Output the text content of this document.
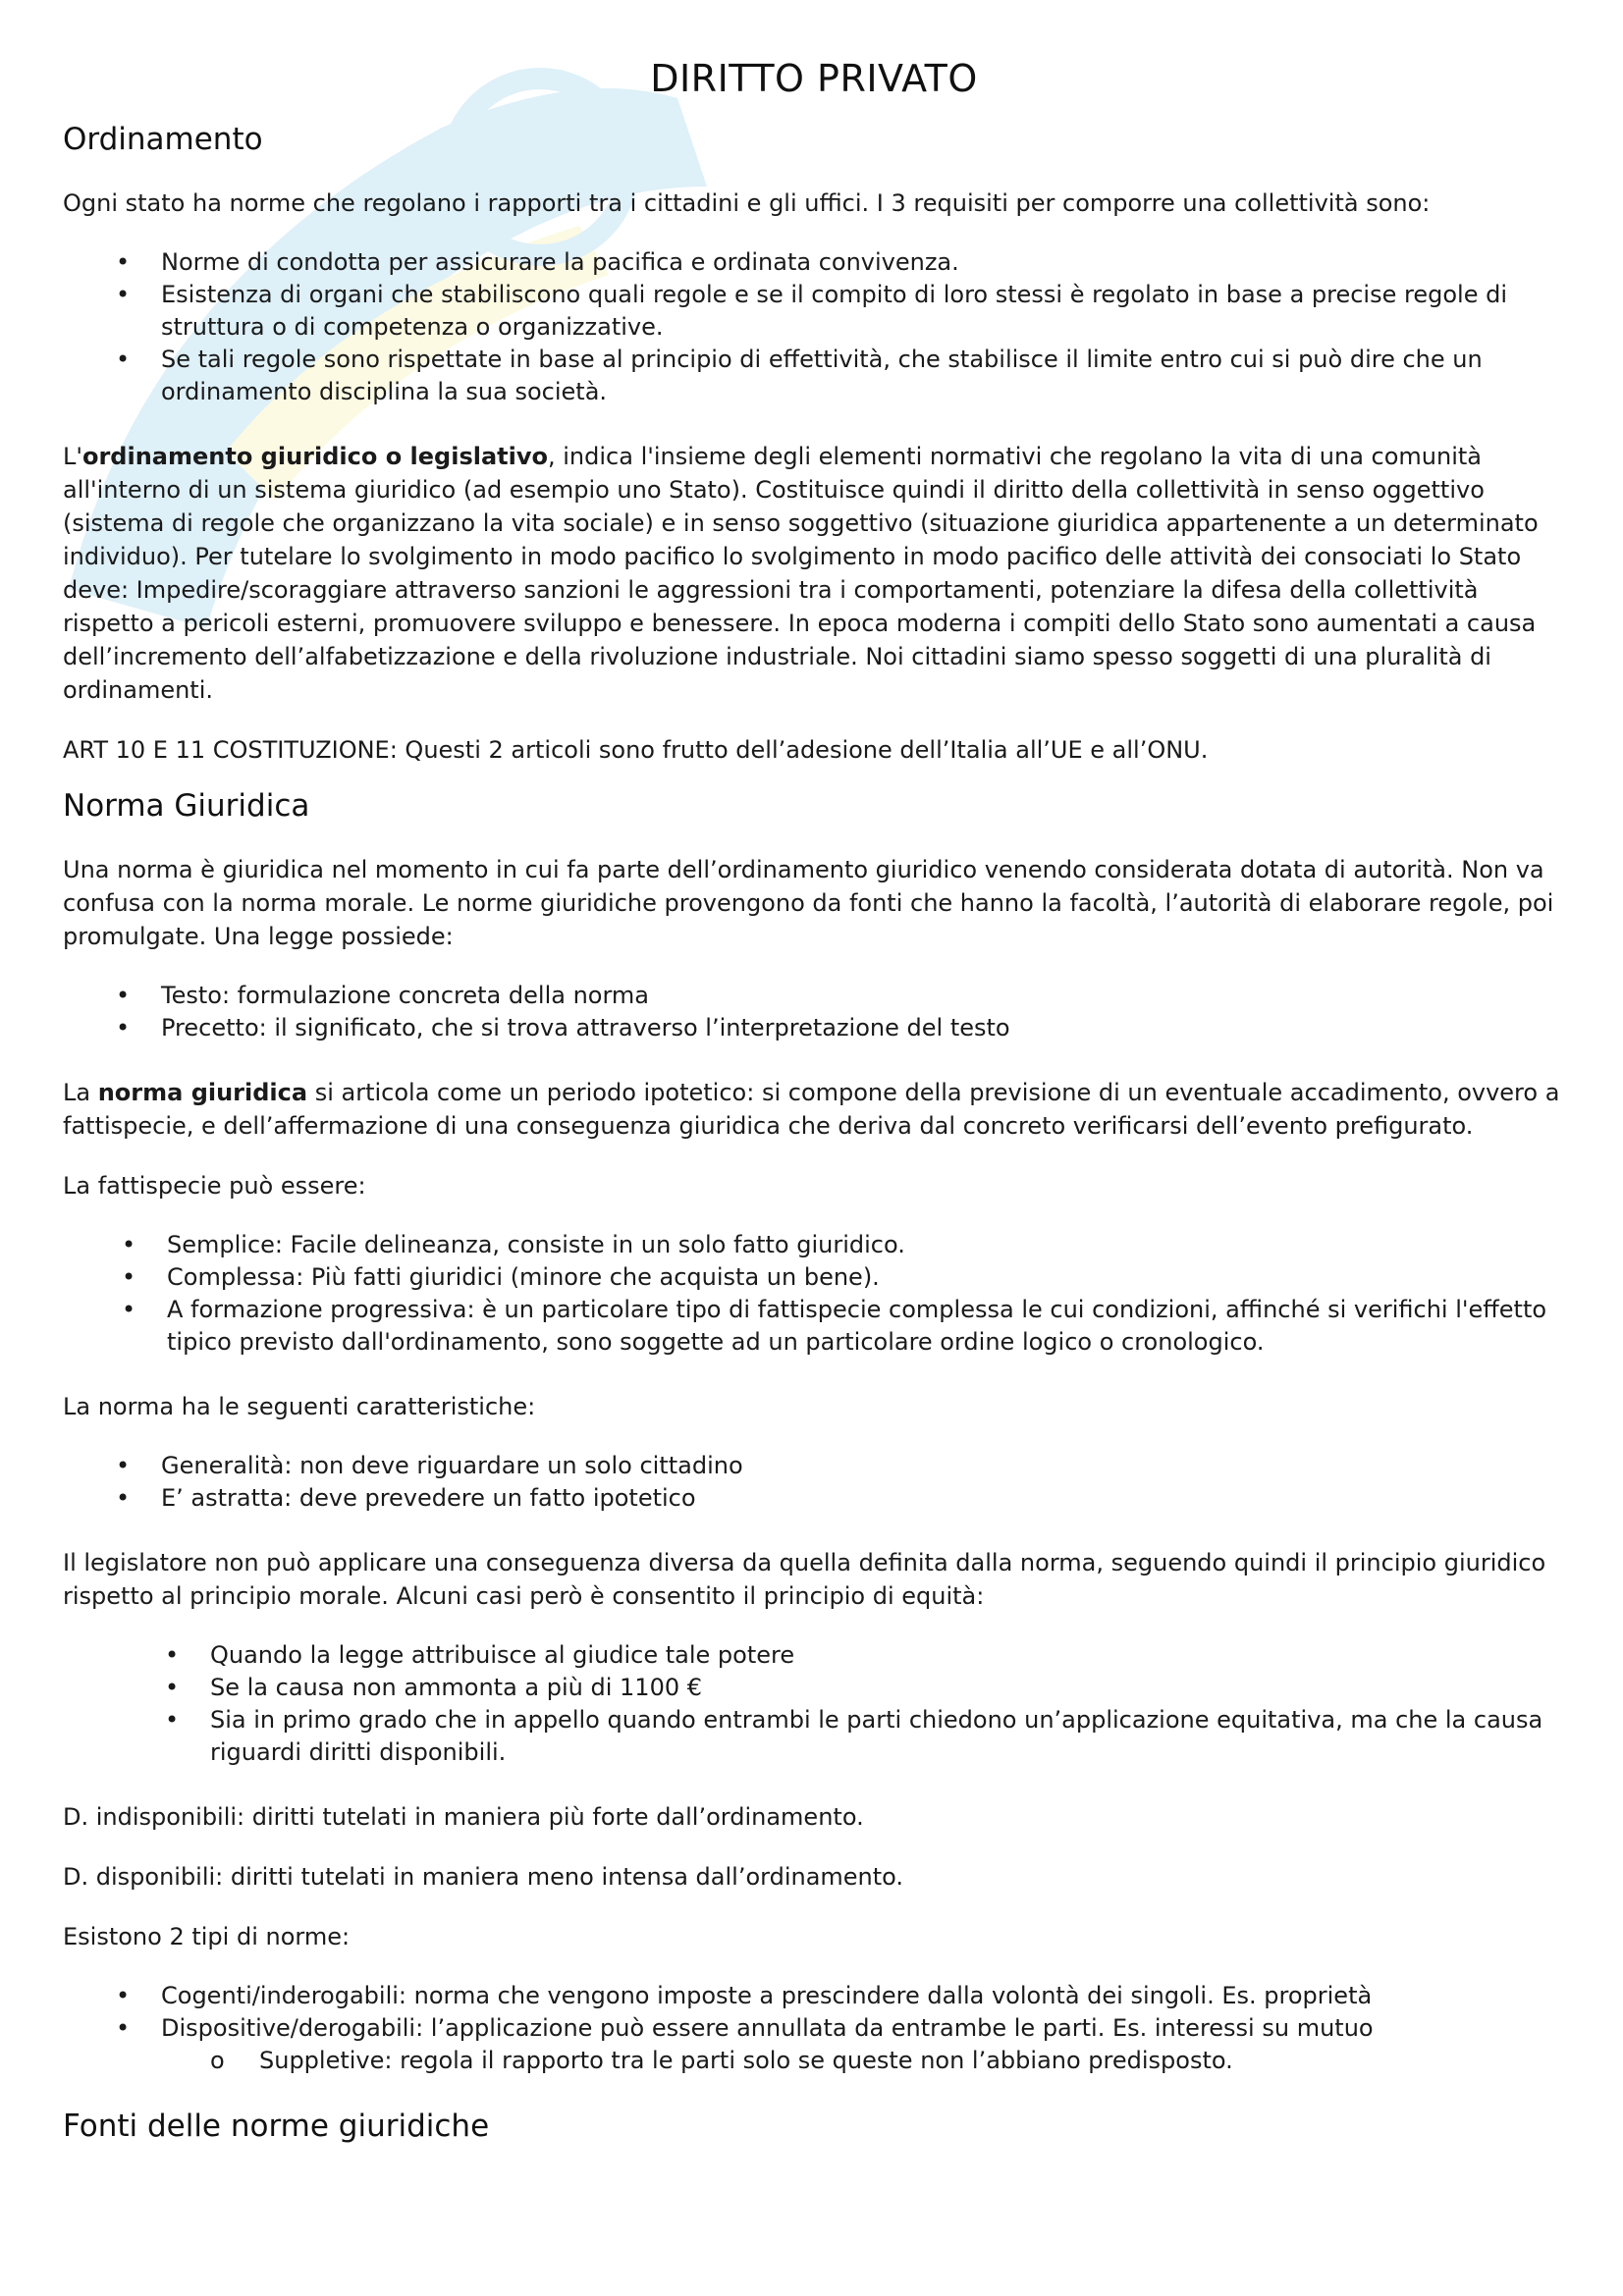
DIRITTO PRIVATO
Ordinamento

Ogni stato ha norme che regolano i rapporti tra i cittadini e gli uffici. I 3 requisiti per comporre una collettività sono:

• Norme di condotta per assicurare la pacifica e ordinata convivenza.
• Esistenza di organi che stabiliscono quali regole e se il compito di loro stessi è regolato in base a precise regole di struttura o di competenza o organizzative.
• Se tali regole sono rispettate in base al principio di effettività, che stabilisce il limite entro cui si può dire che un ordinamento disciplina la sua società.

L'ordinamento giuridico o legislativo, indica l'insieme degli elementi normativi che regolano la vita di una comunità all'interno di un sistema giuridico (ad esempio uno Stato). Costituisce quindi il diritto della collettività in senso oggettivo (sistema di regole che organizzano la vita sociale) e in senso soggettivo (situazione giuridica appartenente a un determinato individuo). Per tutelare lo svolgimento in modo pacifico lo svolgimento in modo pacifico delle attività dei consociati lo Stato deve: Impedire/scoraggiare attraverso sanzioni le aggressioni tra i comportamenti, potenziare la difesa della collettività rispetto a pericoli esterni, promuovere sviluppo e benessere. In epoca moderna i compiti dello Stato sono aumentati a causa dell’incremento dell’alfabetizzazione e della rivoluzione industriale. Noi cittadini siamo spesso soggetti di una pluralità di ordinamenti.

ART 10 E 11 COSTITUZIONE: Questi 2 articoli sono frutto dell’adesione dell’Italia all’UE e all’ONU.

Norma Giuridica

Una norma è giuridica nel momento in cui fa parte dell’ordinamento giuridico venendo considerata dotata di autorità. Non va confusa con la norma morale. Le norme giuridiche provengono da fonti che hanno la facoltà, l’autorità di elaborare regole, poi promulgate. Una legge possiede:

• Testo: formulazione concreta della norma
• Precetto: il significato, che si trova attraverso l’interpretazione del testo

La norma giuridica si articola come un periodo ipotetico: si compone della previsione di un eventuale accadimento, ovvero a fattispecie, e dell’affermazione di una conseguenza giuridica che deriva dal concreto verificarsi dell’evento prefigurato.

La fattispecie può essere:

• Semplice: Facile delineanza, consiste in un solo fatto giuridico.
• Complessa: Più fatti giuridici (minore che acquista un bene).
• A formazione progressiva: è un particolare tipo di fattispecie complessa le cui condizioni, affinché si verifichi l'effetto tipico previsto dall'ordinamento, sono soggette ad un particolare ordine logico o cronologico.

La norma ha le seguenti caratteristiche:

• Generalità: non deve riguardare un solo cittadino
• E’ astratta: deve prevedere un fatto ipotetico

Il legislatore non può applicare una conseguenza diversa da quella definita dalla norma, seguendo quindi il principio giuridico rispetto al principio morale. Alcuni casi però è consentito il principio di equità:

• Quando la legge attribuisce al giudice tale potere
• Se la causa non ammonta a più di 1100 €
• Sia in primo grado che in appello quando entrambi le parti chiedono un’applicazione equitativa, ma che la causa riguardi diritti disponibili.

D. indisponibili: diritti tutelati in maniera più forte dall’ordinamento.

D. disponibili: diritti tutelati in maniera meno intensa dall’ordinamento.

Esistono 2 tipi di norme:

• Cogenti/inderogabili: norma che vengono imposte a prescindere dalla volontà dei singoli. Es. proprietà
• Dispositive/derogabili: l’applicazione può essere annullata da entrambe le parti. Es. interessi su mutuo
o Suppletive: regola il rapporto tra le parti solo se queste non l’abbiano predisposto.
Fonti delle norme giuridiche
